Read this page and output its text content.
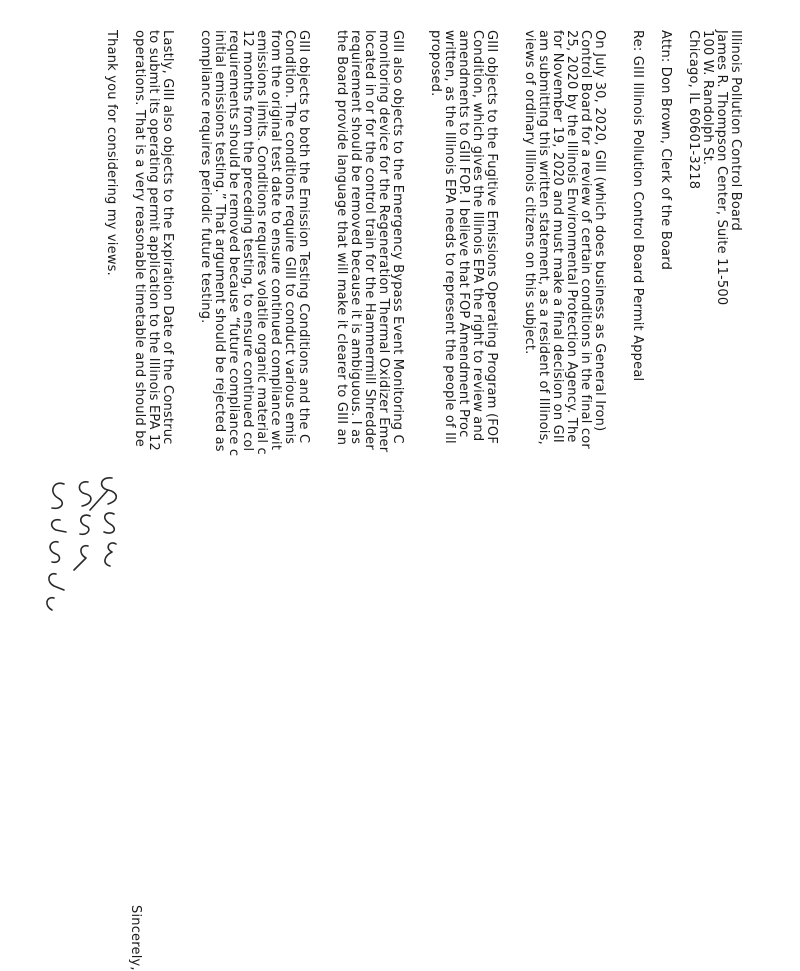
Illinois Pollution Control Board
James R. Thompson Center, Suite 11-500
100 W. Randolph St.
Chicago, IL 60601-3218
Attn: Don Brown, Clerk of the Board
Re: GIII Illinois Pollution Control Board Permit Appeal
On July 30, 2020, GIII (which does business as General Iron)
Control Board for a review of certain conditions in the final cor
25, 2020 by the Illinois Environmental Protection Agency. The
for November 19, 2020 and must make a final decision on GII
am submitting this written statement, as a resident of Illinois,
views of ordinary Illinois citizens on this subject.
GIII objects to the Fugitive Emissions Operating Program (FOF
Condition, which gives the Illinois EPA the right to review and
amendments to GIII FOP. I believe that FOP Amendment Proc
written, as the Illinois EPA needs to represent the people of Ill
proposed.
GIII also objects to the Emergency Bypass Event Monitoring C
monitoring device for the Regeneration Thermal Oxidizer Emer
located in or for the control train for the Hammermill Shredder
requirement should be removed because it is ambiguous. I as
the Board provide language that will make it clearer to GIII an
GIII objects to both the Emission Testing Conditions and the C
Condition. The conditions require GIII to conduct various emis
from the original test date to ensure continued compliance wit
emissions limits. Conditions requires volatile organic material c
12 months from the preceding testing, to ensure continued col
requirements should be removed because “future compliance c
initial emissions testing.” That argument should be rejected as
compliance requires periodic future testing.
Lastly, GIII also objects to the Expiration Date of the Construc
to submit its operating permit application to the Illinois EPA 12
operations. That is a very reasonable timetable and should be
Thank you for considering my views.
Sincerely,
